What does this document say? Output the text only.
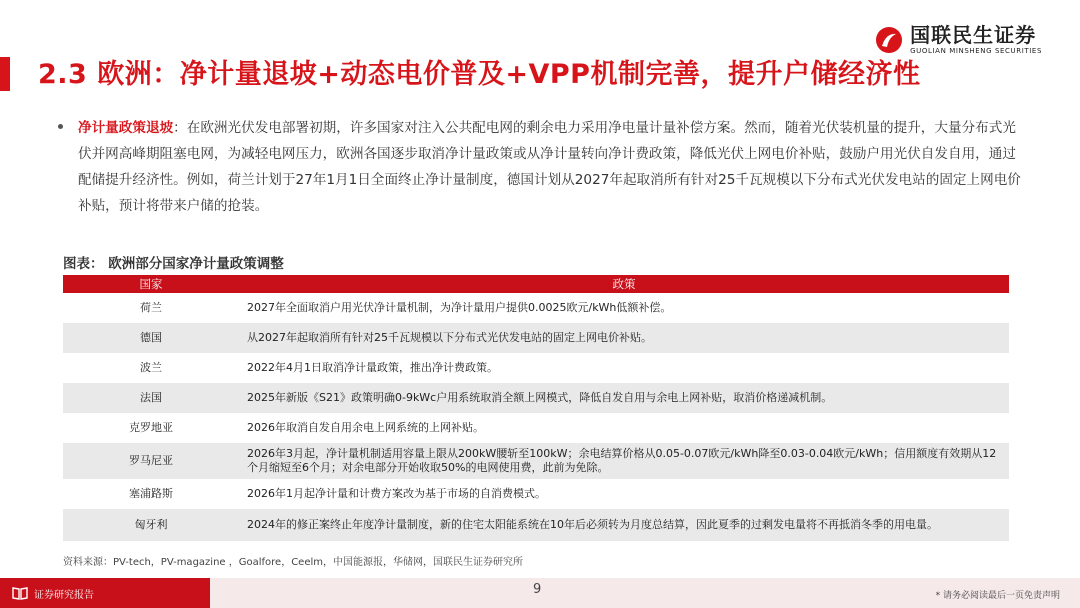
2.3 欧洲：净计量退坡+动态电价普及+VPP机制完善，提升户储经济性
国联民生证券
GUOLIAN MINSHENG SECURITIES
净计量政策退坡：在欧洲光伏发电部署初期，许多国家对注入公共配电网的剩余电力采用净电量计量补偿方案。然而，随着光伏装机量的提升，大量分布式光伏并网高峰期阻塞电网，为减轻电网压力，欧洲各国逐步取消净计量政策或从净计量转向净计费政策，降低光伏上网电价补贴，鼓励户用光伏自发自用，通过配储提升经济性。例如，荷兰计划于27年1月1日全面终止净计量制度，德国计划从2027年起取消所有针对25千瓦规模以下分布式光伏发电站的固定上网电价补贴，预计将带来户储的抢装。
图表： 欧洲部分国家净计量政策调整
国家	政策
荷兰	2027年全面取消户用光伏净计量机制，为净计量用户提供0.0025欧元/kWh低额补偿。
德国	从2027年起取消所有针对25千瓦规模以下分布式光伏发电站的固定上网电价补贴。
波兰	2022年4月1日取消净计量政策，推出净计费政策。
法国	2025年新版《S21》政策明确0-9kWc户用系统取消全额上网模式，降低自发自用与余电上网补贴，取消价格递减机制。
克罗地亚	2026年取消自发自用余电上网系统的上网补贴。
罗马尼亚	2026年3月起，净计量机制适用容量上限从200kW腰斩至100kW；余电结算价格从0.05-0.07欧元/kWh降至0.03-0.04欧元/kWh；信用额度有效期从12个月缩短至6个月；对余电部分开始收取50%的电网使用费，此前为免除。
塞浦路斯	2026年1月起净计量和计费方案改为基于市场的自消费模式。
匈牙利	2024年的修正案终止年度净计量制度，新的住宅太阳能系统在10年后必须转为月度总结算，因此夏季的过剩发电量将不再抵消冬季的用电量。
资料来源：PV-tech，PV-magazine ，Goalfore，Ceelm，中国能源报，华储网，国联民生证券研究所
证券研究报告	9	* 请务必阅读最后一页免责声明
